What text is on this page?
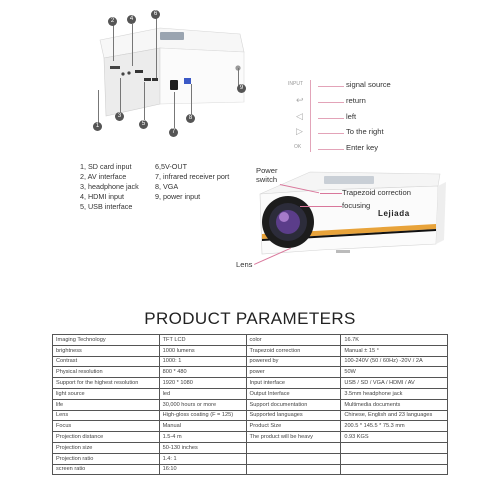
1
3
2	4
5
6
7
8
9
1, SD card input
2, AV interface
3, headphone jack
4, HDMI input
5, USB interface
6,5V-OUT
7, infrared receiver port
8, VGA
9, power input
INPUT	signal source
↩	return
◁	left
▷	To the right
OK	Enter key
Lejiada
Power
switch
Trapezoid correction
focusing
Lens
PRODUCT PARAMETERS
Imaging Technology	TFT LCD	color	16.7K
brightness	1000 lumens	Trapezoid correction	Manual ± 15 °
Contrast	1000: 1	powered by	100-240V (50 / 60Hz) -20V / 2A
Physical resolution	800 * 480	power	50W
Support for the highest resolution	1920 * 1080	Input interface	USB / SD / VGA / HDMI / AV
light source	led	Output Interface	3.5mm headphone jack
life	30,000 hours or more	Support documentation	Multimedia documents
Lens	High-gloss coating (F = 125)	Supported languages	Chinese, English and 23 languages
Focus	Manual	Product Size	200.5 * 145.5 * 75.3 mm
Projection distance	1.5-4 m	The product will be heavy	0.93 KGS
Projection size	50-130 inches		
Projection ratio	1.4: 1		
screen ratio	16:10		
